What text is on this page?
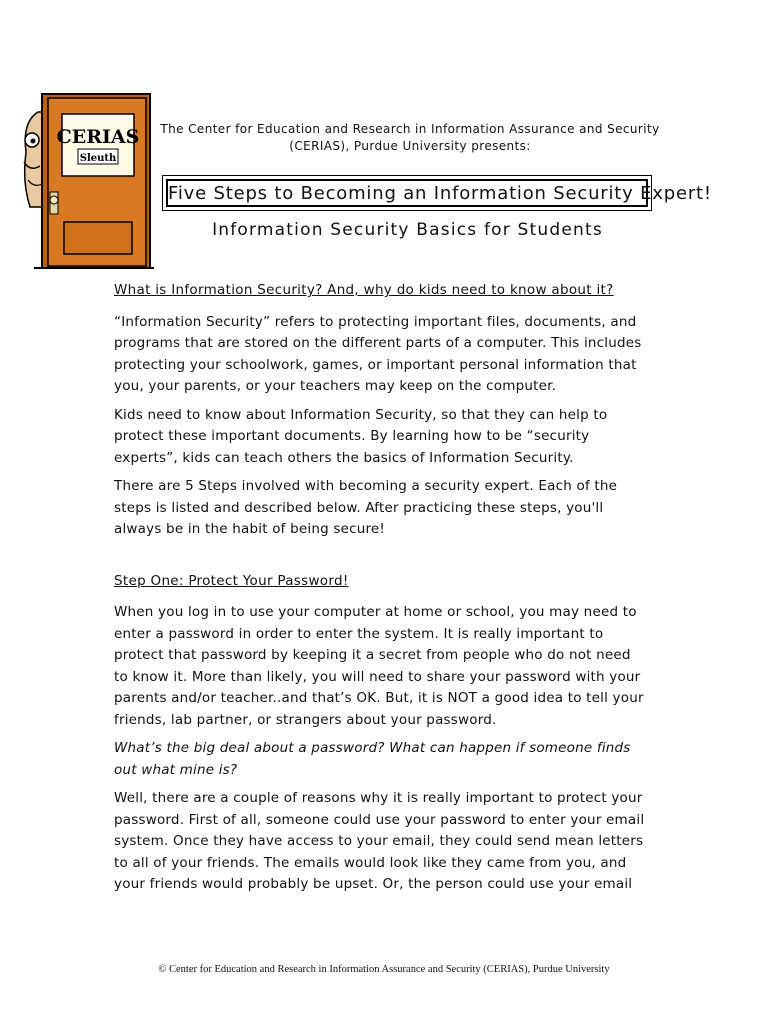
CERIAS
Sleuth
The Center for Education and Research in Information Assurance and Security
(CERIAS), Purdue University presents:
Five Steps to Becoming an Information Security Expert!
Information Security Basics for Students
What is Information Security? And, why do kids need to know about it?

“Information Security” refers to protecting important files, documents, and programs that are stored on the different parts of a computer. This includes protecting your schoolwork, games, or important personal information that you, your parents, or your teachers may keep on the computer.

Kids need to know about Information Security, so that they can help to protect these important documents. By learning how to be “security experts”, kids can teach others the basics of Information Security.

There are 5 Steps involved with becoming a security expert. Each of the steps is listed and described below. After practicing these steps, you'll always be in the habit of being secure!

Step One: Protect Your Password!

When you log in to use your computer at home or school, you may need to enter a password in order to enter the system. It is really important to protect that password by keeping it a secret from people who do not need to know it. More than likely, you will need to share your password with your parents and/or teacher..and that’s OK. But, it is NOT a good idea to tell your friends, lab partner, or strangers about your password.

What’s the big deal about a password? What can happen if someone finds out what mine is?

Well, there are a couple of reasons why it is really important to protect your password. First of all, someone could use your password to enter your email system. Once they have access to your email, they could send mean letters to all of your friends. The emails would look like they came from you, and your friends would probably be upset. Or, the person could use your email

© Center for Education and Research in Information Assurance and Security (CERIAS), Purdue University
